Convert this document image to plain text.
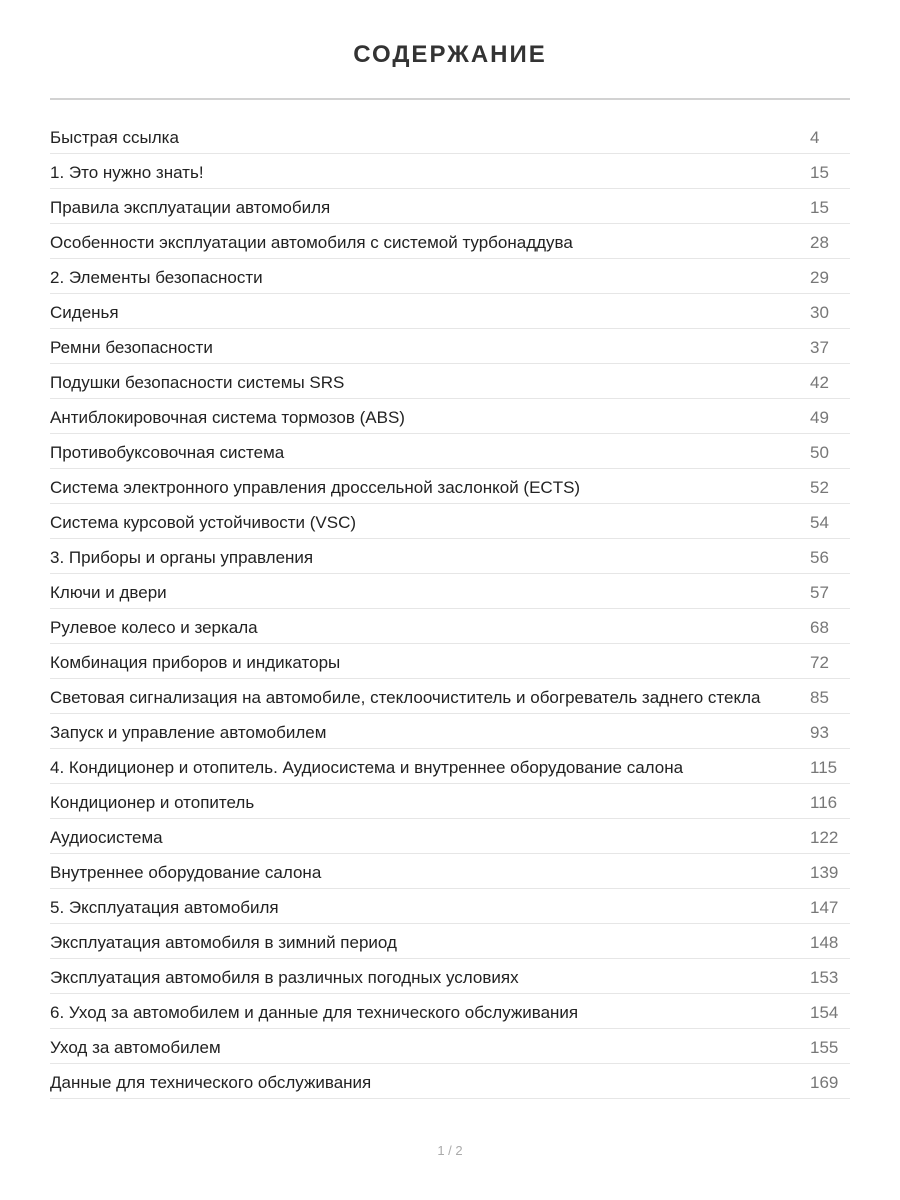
СОДЕРЖАНИЕ
Быстрая ссылка	4
1. Это нужно знать!	15
Правила эксплуатации автомобиля	15
Особенности эксплуатации автомобиля с системой турбонаддува	28
2. Элементы безопасности	29
Сиденья	30
Ремни безопасности	37
Подушки безопасности системы SRS	42
Антиблокировочная система тормозов (ABS)	49
Противобуксовочная система	50
Система электронного управления дроссельной заслонкой (ECTS)	52
Система курсовой устойчивости (VSC)	54
3. Приборы и органы управления	56
Ключи и двери	57
Рулевое колесо и зеркала	68
Комбинация приборов и индикаторы	72
Световая сигнализация на автомобиле, стеклоочиститель и обогреватель заднего стекла	85
Запуск и управление автомобилем	93
4. Кондиционер и отопитель. Аудиосистема и внутреннее оборудование салона	115
Кондиционер и отопитель	116
Аудиосистема	122
Внутреннее оборудование салона	139
5. Эксплуатация автомобиля	147
Эксплуатация автомобиля в зимний период	148
Эксплуатация автомобиля в различных погодных условиях	153
6. Уход за автомобилем и данные для технического обслуживания	154
Уход за автомобилем	155
Данные для технического обслуживания	169
1 / 2
